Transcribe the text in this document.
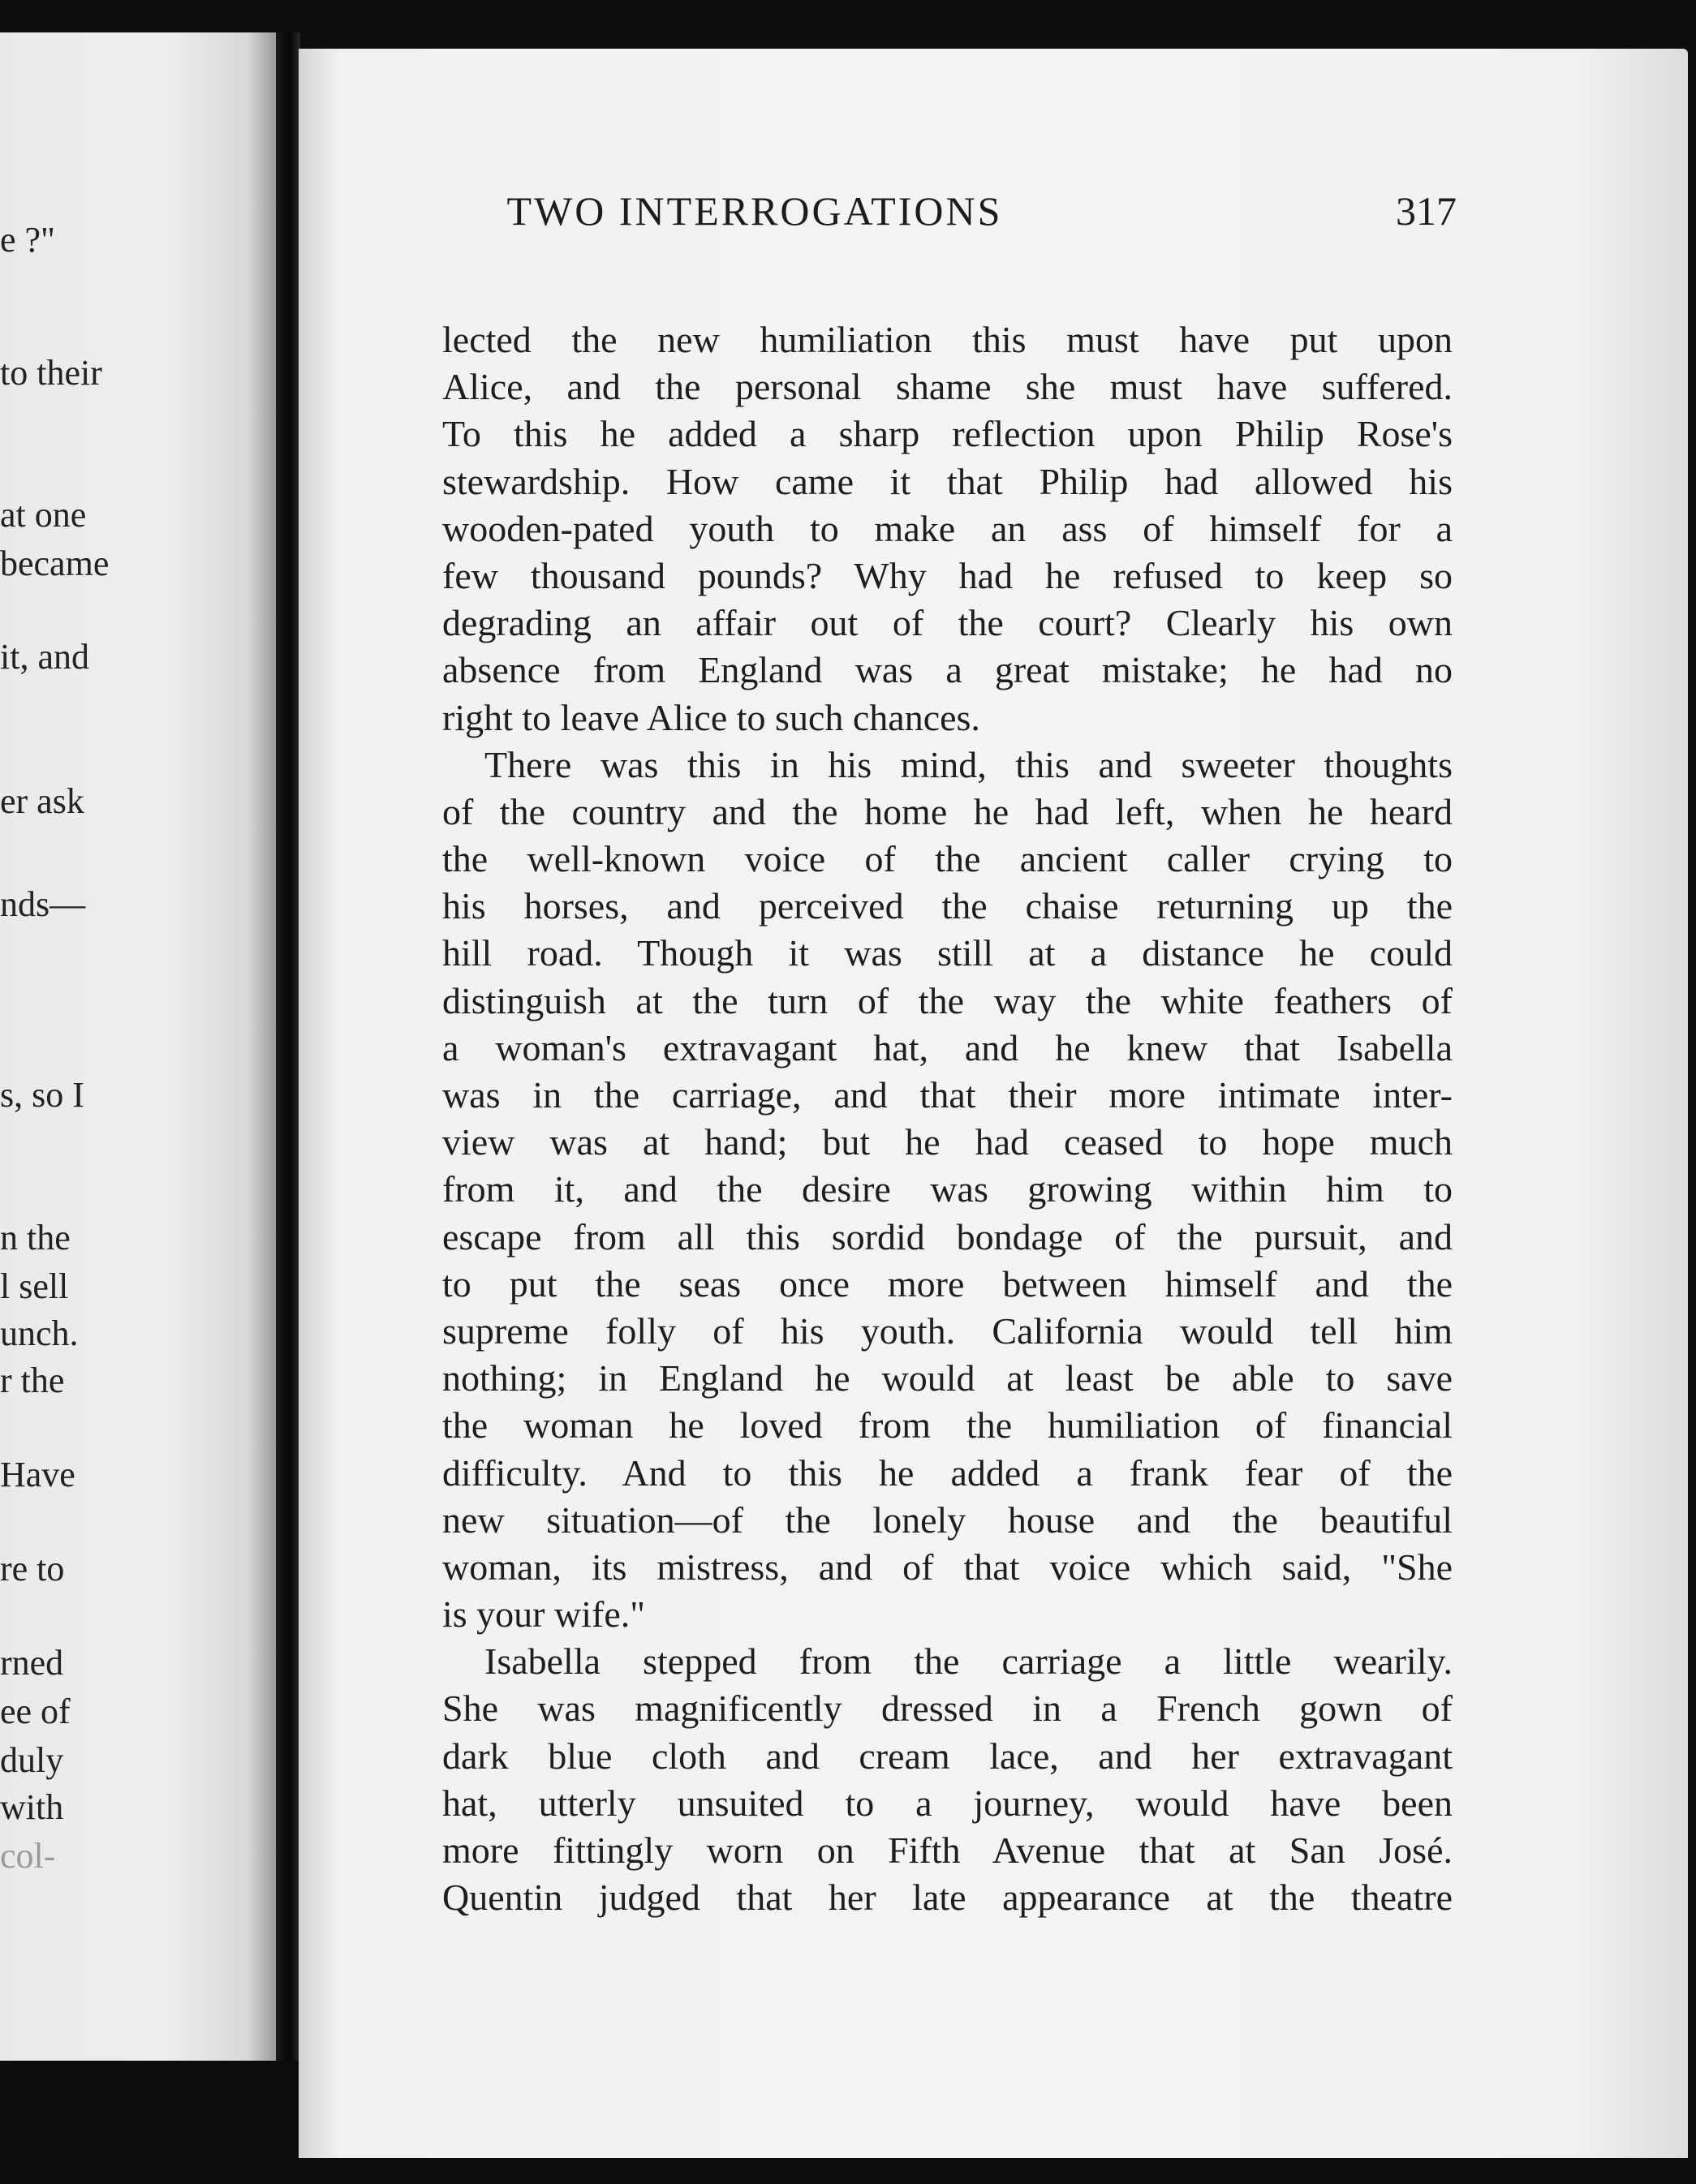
e ?"
to their
at one
became
it, and
er ask
nds—
s, so I
n the
l sell
unch.
r the
Have
re to
rned
ee of
duly
with
col-
TWO INTERROGATIONS	317
lected the new humiliation this must have put upon
Alice, and the personal shame she must have suffered.
To this he added a sharp reflection upon Philip Rose's
stewardship. How came it that Philip had allowed his
wooden-pated youth to make an ass of himself for a
few thousand pounds? Why had he refused to keep so
degrading an affair out of the court? Clearly his own
absence from England was a great mistake; he had no
right to leave Alice to such chances.
There was this in his mind, this and sweeter thoughts
of the country and the home he had left, when he heard
the well-known voice of the ancient caller crying to
his horses, and perceived the chaise returning up the
hill road. Though it was still at a distance he could
distinguish at the turn of the way the white feathers of
a woman's extravagant hat, and he knew that Isabella
was in the carriage, and that their more intimate inter-
view was at hand; but he had ceased to hope much
from it, and the desire was growing within him to
escape from all this sordid bondage of the pursuit, and
to put the seas once more between himself and the
supreme folly of his youth. California would tell him
nothing; in England he would at least be able to save
the woman he loved from the humiliation of financial
difficulty. And to this he added a frank fear of the
new situation—of the lonely house and the beautiful
woman, its mistress, and of that voice which said, "She
is your wife."
Isabella stepped from the carriage a little wearily.
She was magnificently dressed in a French gown of
dark blue cloth and cream lace, and her extravagant
hat, utterly unsuited to a journey, would have been
more fittingly worn on Fifth Avenue that at San José.
Quentin judged that her late appearance at the theatre
